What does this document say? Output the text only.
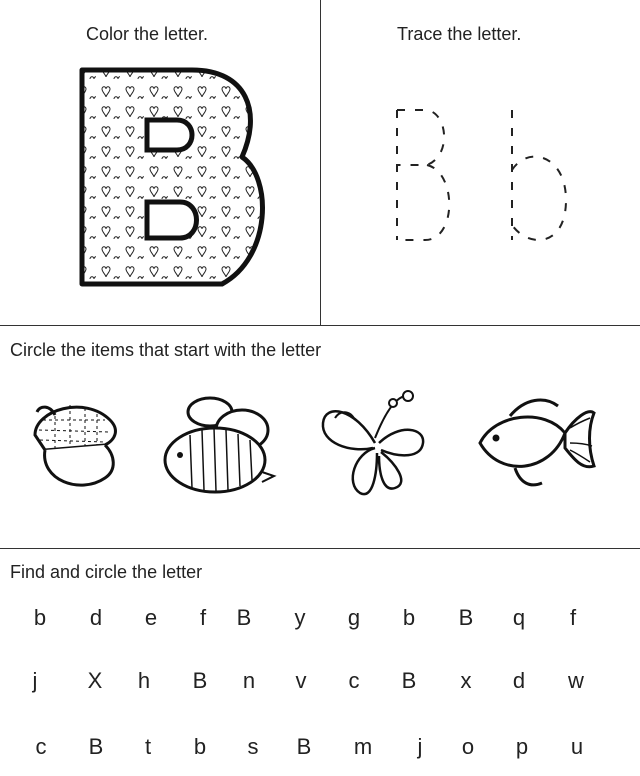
Color the letter.	Trace the letter.
Circle the items that start with the letter
Find and circle the letter
b	d	e	f	B	y	g	b	B	q	f
j	X	h	B	n	v	c	B	x	d	w
c	B	t	b	s	B	m	j	o	p	u
